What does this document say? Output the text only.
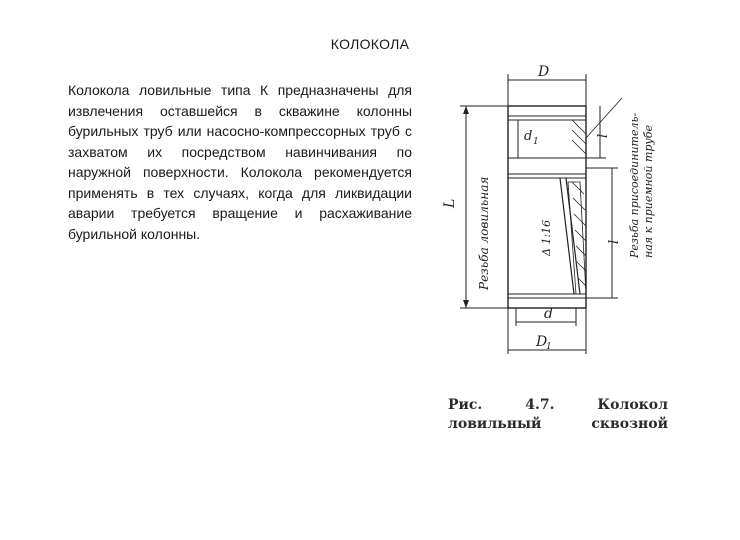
КОЛОКОЛА

Колокола ловильные типа К предназначены для извлечения оставшейся в скважине колонны бурильных труб или насосно-компрессорных труб с захватом их посредством навинчивания по наружной поверхности. Колокола рекомендуется применять в тех случаях, когда для ликвидации аварии требуется вращение и расхаживание бурильной колонны.

D
L Резьба ловильная
d 1
Δ 1:16
l
l Резьба присоединитель- ная к приемной трубе
d
D
1

Рис. 4.7. Колокол ловильный сквозной
